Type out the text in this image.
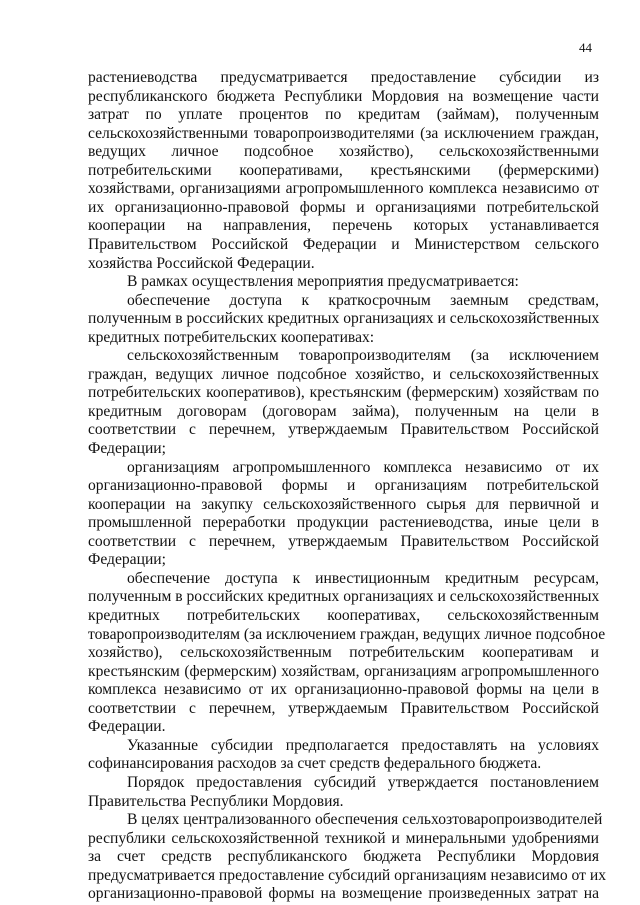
44
растениеводства предусматривается предоставление субсидии из
республиканского бюджета Республики Мордовия на возмещение части
затрат по уплате процентов по кредитам (займам), полученным
сельскохозяйственными товаропроизводителями (за исключением граждан,
ведущих личное подсобное хозяйство), сельскохозяйственными
потребительскими кооперативами, крестьянскими (фермерскими)
хозяйствами, организациями агропромышленного комплекса независимо от
их организационно-правовой формы и организациями потребительской
кооперации на направления, перечень которых устанавливается
Правительством Российской Федерации и Министерством сельского
хозяйства Российской Федерации.
В рамках осуществления мероприятия предусматривается:
обеспечение доступа к краткосрочным заемным средствам,
полученным в российских кредитных организациях и сельскохозяйственных
кредитных потребительских кооперативах:
сельскохозяйственным товаропроизводителям (за исключением
граждан, ведущих личное подсобное хозяйство, и сельскохозяйственных
потребительских кооперативов), крестьянским (фермерским) хозяйствам по
кредитным договорам (договорам займа), полученным на цели в
соответствии с перечнем, утверждаемым Правительством Российской
Федерации;
организациям агропромышленного комплекса независимо от их
организационно-правовой формы и организациям потребительской
кооперации на закупку сельскохозяйственного сырья для первичной и
промышленной переработки продукции растениеводства, иные цели в
соответствии с перечнем, утверждаемым Правительством Российской
Федерации;
обеспечение доступа к инвестиционным кредитным ресурсам,
полученным в российских кредитных организациях и сельскохозяйственных
кредитных потребительских кооперативах, сельскохозяйственным
товаропроизводителям (за исключением граждан, ведущих личное подсобное
хозяйство), сельскохозяйственным потребительским кооперативам и
крестьянским (фермерским) хозяйствам, организациям агропромышленного
комплекса независимо от их организационно-правовой формы на цели в
соответствии с перечнем, утверждаемым Правительством Российской
Федерации.
Указанные субсидии предполагается предоставлять на условиях
софинансирования расходов за счет средств федерального бюджета.
Порядок предоставления субсидий утверждается постановлением
Правительства Республики Мордовия.
В целях централизованного обеспечения сельхозтоваропроизводителей
республики сельскохозяйственной техникой и минеральными удобрениями
за счет средств республиканского бюджета Республики Мордовия
предусматривается предоставление субсидий организациям независимо от их
организационно-правовой формы на возмещение произведенных затрат на
